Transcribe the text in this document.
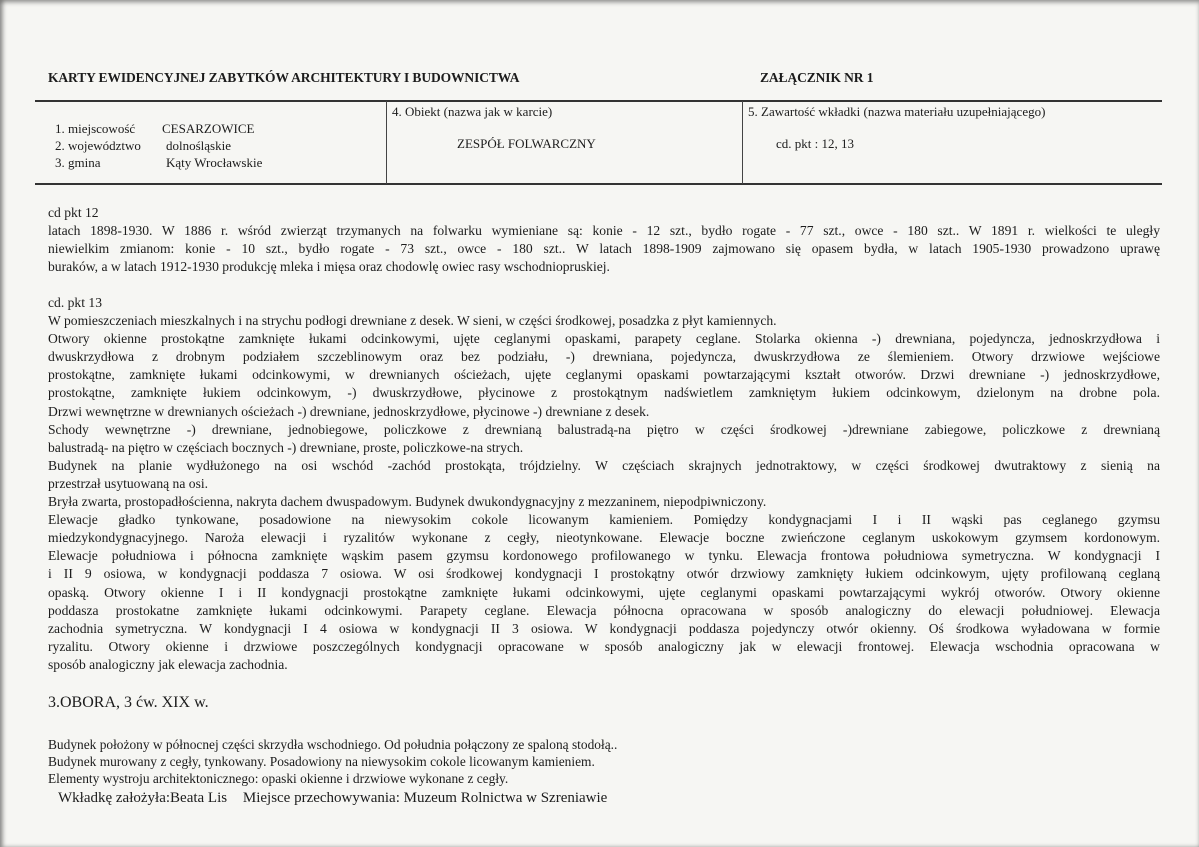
KARTY EWIDENCYJNEJ ZABYTKÓW ARCHITEKTURY I BUDOWNICTWA	ZAŁĄCZNIK NR 1
1. miejscowość CESARZOWICE
2. województwo dolnośląskie
3. gmina	Kąty Wrocławskie
4. Obiekt (nazwa jak w karcie)
ZESPÓŁ FOLWARCZNY
5. Zawartość wkładki (nazwa materiału uzupełniającego)
cd. pkt : 12, 13
cd pkt 12
latach 1898-1930. W 1886 r. wśród zwierząt trzymanych na folwarku wymieniane są: konie - 12 szt., bydło rogate - 77 szt., owce - 180 szt.. W 1891 r. wielkości te uległy
niewielkim zmianom: konie - 10 szt., bydło rogate - 73 szt., owce - 180 szt.. W latach 1898-1909 zajmowano się opasem bydła, w latach 1905-1930 prowadzono uprawę
buraków, a w latach 1912-1930 produkcję mleka i mięsa oraz chodowlę owiec rasy wschodniopruskiej.
cd. pkt 13
W pomieszczeniach mieszkalnych i na strychu podłogi drewniane z desek. W sieni, w części środkowej, posadzka z płyt kamiennych.
Otwory okienne prostokątne zamknięte łukami odcinkowymi, ujęte ceglanymi opaskami, parapety ceglane. Stolarka okienna -) drewniana, pojedyncza, jednoskrzydłowa i
dwuskrzydłowa z drobnym podziałem szczeblinowym oraz bez podziału, -) drewniana, pojedyncza, dwuskrzydłowa ze ślemieniem. Otwory drzwiowe wejściowe
prostokątne, zamknięte łukami odcinkowymi, w drewnianych ościeżach, ujęte ceglanymi opaskami powtarzającymi kształt otworów. Drzwi drewniane -) jednoskrzydłowe,
prostokątne, zamknięte łukiem odcinkowym, -) dwuskrzydłowe, płycinowe z prostokątnym nadświetlem zamkniętym łukiem odcinkowym, dzielonym na drobne pola.
Drzwi wewnętrzne w drewnianych ościeżach -) drewniane, jednoskrzydłowe, płycinowe -) drewniane z desek.
Schody wewnętrzne -) drewniane, jednobiegowe, policzkowe z drewnianą balustradą-na piętro w części środkowej -)drewniane zabiegowe, policzkowe z drewnianą
balustradą- na piętro w częściach bocznych -) drewniane, proste, policzkowe-na strych.
Budynek na planie wydłużonego na osi wschód -zachód prostokąta, trójdzielny. W częściach skrajnych jednotraktowy, w części środkowej dwutraktowy z sienią na
przestrzał usytuowaną na osi.
Bryła zwarta, prostopadłościenna, nakryta dachem dwuspadowym. Budynek dwukondygnacyjny z mezzaninem, niepodpiwniczony.
Elewacje gładko tynkowane, posadowione na niewysokim cokole licowanym kamieniem. Pomiędzy kondygnacjami I i II wąski pas ceglanego gzymsu
miedzykondygnacyjnego. Naroża elewacji i ryzalitów wykonane z cegły, nieotynkowane. Elewacje boczne zwieńczone ceglanym uskokowym gzymsem kordonowym.
Elewacje południowa i północna zamknięte wąskim pasem gzymsu kordonowego profilowanego w tynku. Elewacja frontowa południowa symetryczna. W kondygnacji I
i II 9 osiowa, w kondygnacji poddasza 7 osiowa. W osi środkowej kondygnacji I prostokątny otwór drzwiowy zamknięty łukiem odcinkowym, ujęty profilowaną ceglaną
opaską. Otwory okienne I i II kondygnacji prostokątne zamknięte łukami odcinkowymi, ujęte ceglanymi opaskami powtarzającymi wykrój otworów. Otwory okienne
poddasza prostokatne zamknięte łukami odcinkowymi. Parapety ceglane. Elewacja północna opracowana w sposób analogiczny do elewacji południowej. Elewacja
zachodnia symetryczna. W kondygnacji I 4 osiowa w kondygnacji II 3 osiowa. W kondygnacji poddasza pojedynczy otwór okienny. Oś środkowa wyładowana w formie
ryzalitu. Otwory okienne i drzwiowe poszczególnych kondygnacji opracowane w sposób analogiczny jak w elewacji frontowej. Elewacja wschodnia opracowana w
sposób analogiczny jak elewacja zachodnia.
3.OBORA, 3 ćw. XIX w.
Budynek położony w północnej części skrzydła wschodniego. Od południa połączony ze spaloną stodołą..
Budynek murowany z cegły, tynkowany. Posadowiony na niewysokim cokole licowanym kamieniem.
Elementy wystroju architektonicznego: opaski okienne i drzwiowe wykonane z cegły.
Wkładkę założyła:Beata Lis Miejsce przechowywania: Muzeum Rolnictwa w Szreniawie
